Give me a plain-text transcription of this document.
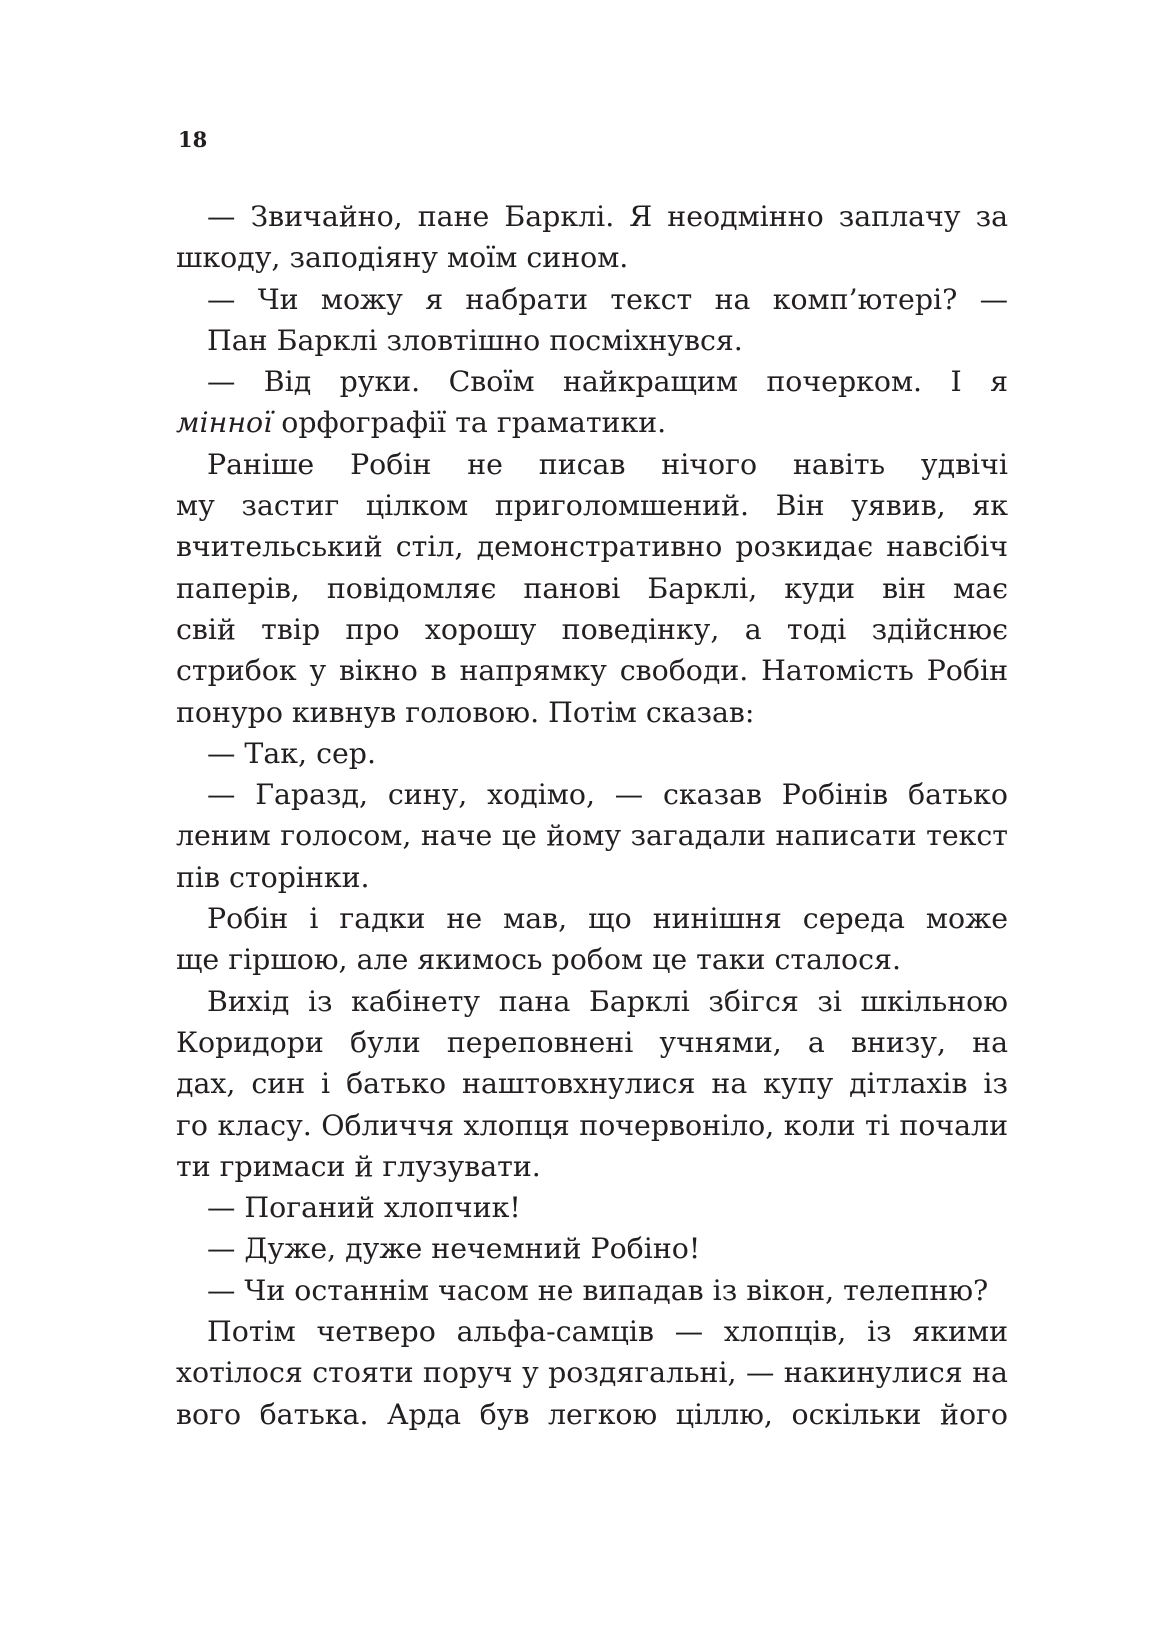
18

— Звичайно, пане Барклі. Я неодмінно заплачу за
шкоду, заподіяну моїм сином.
— Чи можу я набрати текст на комп’ютері? —
Пан Барклі зловтішно посміхнувся.
— Від руки. Своїм найкращим почерком. І я
мінної орфографії та граматики.
Раніше Робін не писав нічого навіть удвічі
му застиг цілком приголомшений. Він уявив, як
вчительський стіл, демонстративно розкидає навсібіч
паперів, повідомляє панові Барклі, куди він має
свій твір про хорошу поведінку, а тоді здійснює
стрибок у вікно в напрямку свободи. Натомість Робін
понуро кивнув головою. Потім сказав:
— Так, сер.
— Гаразд, сину, ходімо, — сказав Робінів батько
леним голосом, наче це йому загадали написати текст
пів сторінки.
Робін і гадки не мав, що нинішня середа може
ще гіршою, але якимось робом це таки сталося.
Вихід із кабінету пана Барклі збігся зі шкільною
Коридори були переповнені учнями, а внизу, на
дах, син і батько наштовхнулися на купу дітлахів із
го класу. Обличчя хлопця почервоніло, коли ті почали
ти гримаси й глузувати.
— Поганий хлопчик!
— Дуже, дуже нечемний Робіно!
— Чи останнім часом не випадав із вікон, телепню?
Потім четверо альфа-самців — хлопців, із якими
хотілося стояти поруч у роздягальні, — накинулися на
вого батька. Арда був легкою ціллю, оскільки його
